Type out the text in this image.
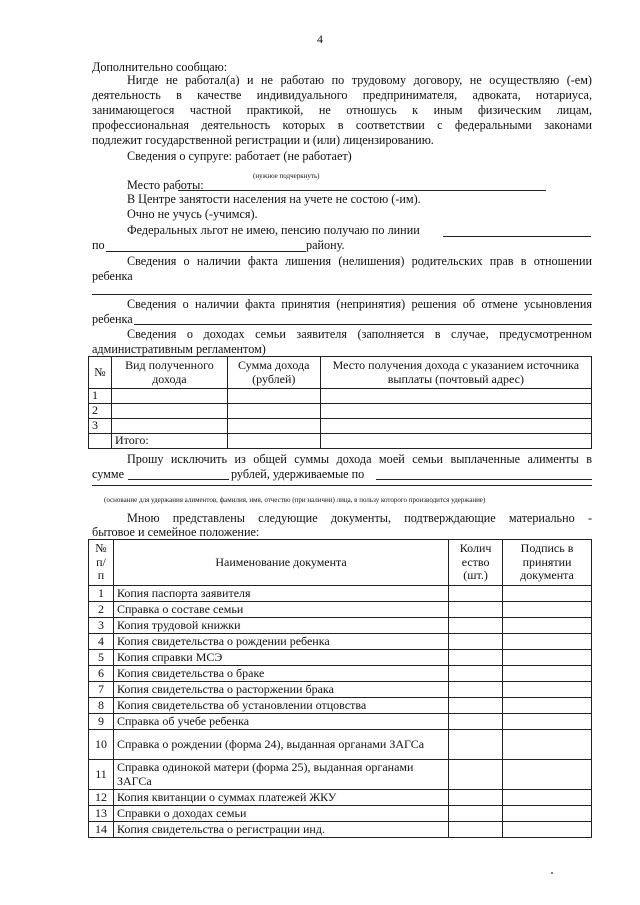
4
Дополнительно сообщаю:
Нигде не работал(а) и не работаю по трудовому договору, не осуществляю (-ем)
деятельность в качестве индивидуального предпринимателя, адвоката, нотариуса,
занимающегося частной практикой, не отношусь к иным физическим лицам,
профессиональная деятельность которых в соответствии с федеральными законами
подлежит государственной регистрации и (или) лицензированию.
Сведения о супруге: работает (не работает)
(нужное подчеркнуть)
Место работы:
В Центре занятости населения на учете не состою (-им).
Очно не учусь (-учимся).
Федеральных льгот не имею, пенсию получаю по линии
по	району.
Сведения о наличии факта лишения (нелишения) родительских прав в отношении
ребенка
Сведения о наличии факта принятия (непринятия) решения об отмене усыновления
ребенка
Сведения о доходах семьи заявителя (заполняется в случае, предусмотренном
административным регламентом)
№	Вид полученного дохода	Сумма дохода (рублей)	Место получения дохода с указанием источника выплаты (почтовый адрес)
1			
2			
3			
	Итого:		
Прошу исключить из общей суммы дохода моей семьи выплаченные алименты в
сумме	рублей, удерживаемые по
(основание для удержания алиментов, фамилия, имя, отчество (при наличии) лица, в пользу которого производится удержание)
Мною представлены следующие документы, подтверждающие материально -
бытовое и семейное положение:
№ п/ п	Наименование документа	Колич ество (шт.)	Подпись в принятии документа
1	Копия паспорта заявителя		
2	Справка о составе семьи		
3	Копия трудовой книжки		
4	Копия свидетельства о рождении ребенка		
5	Копия справки МСЭ		
6	Копия свидетельства о браке		
7	Копия свидетельства о расторжении брака		
8	Копия свидетельства об установлении отцовства		
9	Справка об учебе ребенка		
10	Справка о рождении (форма 24), выданная органами ЗАГСа		
11	Справка одинокой матери (форма 25), выданная органами ЗАГСа		
12	Копия квитанции о суммах платежей ЖКУ		
13	Справки о доходах семьи		
14	Копия свидетельства о регистрации инд.		
